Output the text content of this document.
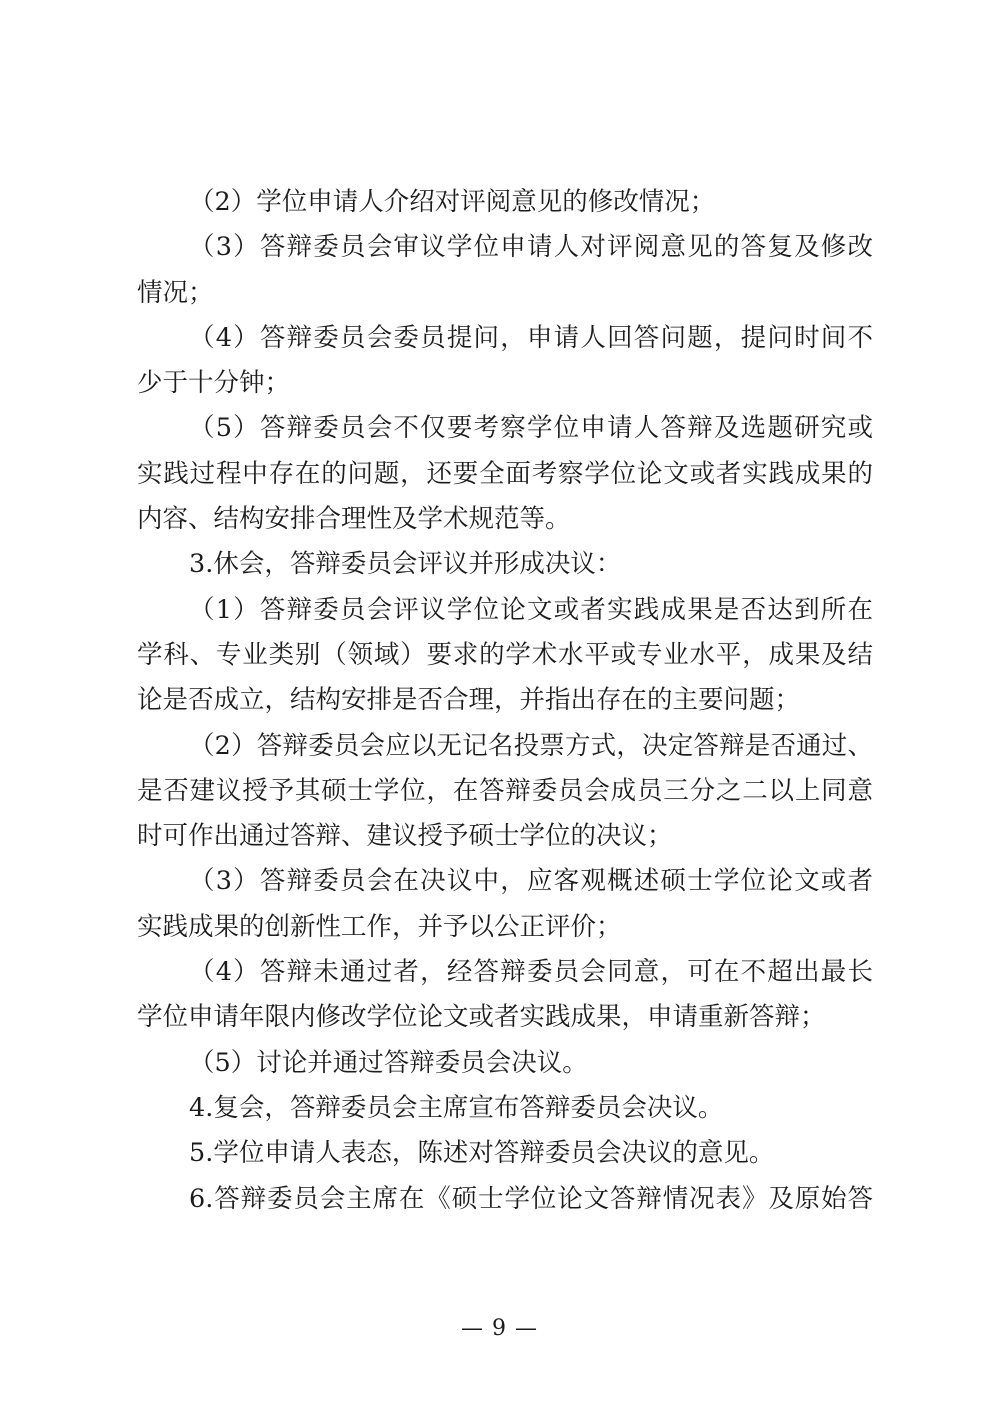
（2）学位申请人介绍对评阅意见的修改情况；
（3）答辩委员会审议学位申请人对评阅意见的答复及修改
情况；
（4）答辩委员会委员提问，申请人回答问题，提问时间不
少于十分钟；
（5）答辩委员会不仅要考察学位申请人答辩及选题研究或
实践过程中存在的问题，还要全面考察学位论文或者实践成果的
内容、结构安排合理性及学术规范等。
3.休会，答辩委员会评议并形成决议：
（1）答辩委员会评议学位论文或者实践成果是否达到所在
学科、专业类别（领域）要求的学术水平或专业水平，成果及结
论是否成立，结构安排是否合理，并指出存在的主要问题；
（2）答辩委员会应以无记名投票方式，决定答辩是否通过、
是否建议授予其硕士学位，在答辩委员会成员三分之二以上同意
时可作出通过答辩、建议授予硕士学位的决议；
（3）答辩委员会在决议中，应客观概述硕士学位论文或者
实践成果的创新性工作，并予以公正评价；
（4）答辩未通过者，经答辩委员会同意，可在不超出最长
学位申请年限内修改学位论文或者实践成果，申请重新答辩；
（5）讨论并通过答辩委员会决议。
4.复会，答辩委员会主席宣布答辩委员会决议。
5.学位申请人表态，陈述对答辩委员会决议的意见。
6.答辩委员会主席在《硕士学位论文答辩情况表》及原始答
— 9 —
